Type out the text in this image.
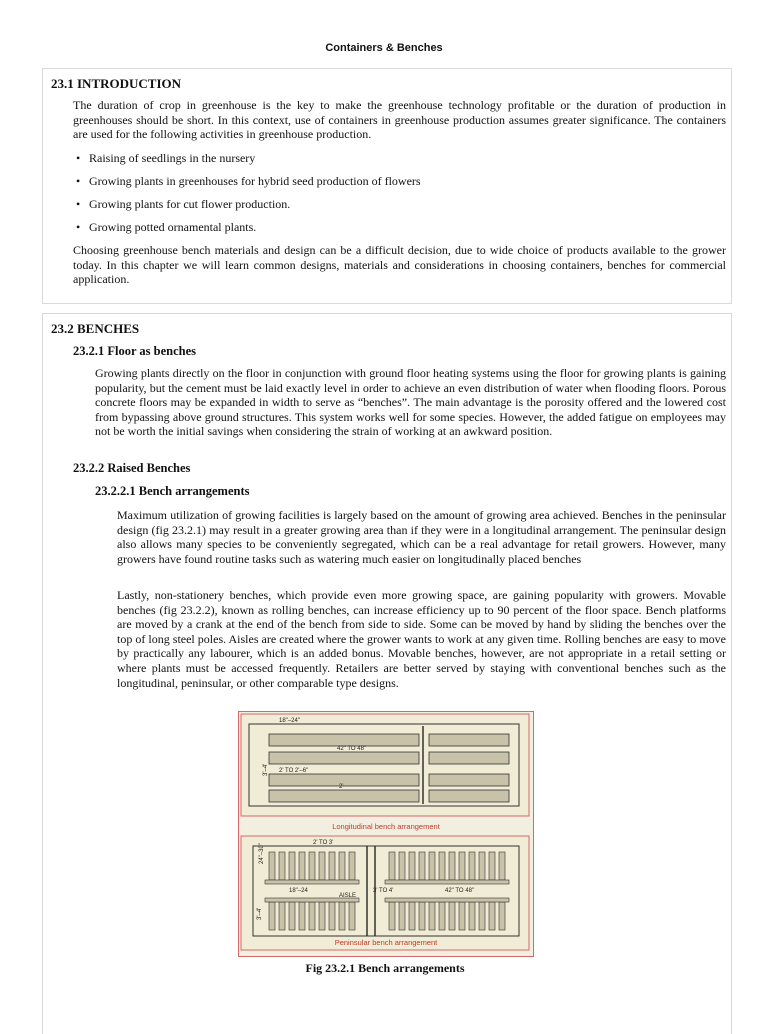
Containers & Benches
23.1 INTRODUCTION

The duration of crop in greenhouse is the key to make the greenhouse technology profitable or the duration of production in greenhouses should be short. In this context, use of containers in greenhouse production assumes greater significance. The containers are used for the following activities in greenhouse production.

• Raising of seedlings in the nursery
• Growing plants in greenhouses for hybrid seed production of flowers
• Growing plants for cut flower production.
• Growing potted ornamental plants.

Choosing greenhouse bench materials and design can be a difficult decision, due to wide choice of products available to the grower today. In this chapter we will learn common designs, materials and considerations in choosing containers, benches for commercial application.

23.2 BENCHES
23.2.1 Floor as benches

Growing plants directly on the floor in conjunction with ground floor heating systems using the floor for growing plants is gaining popularity, but the cement must be laid exactly level in order to achieve an even distribution of water when flooding floors. Porous concrete floors may be expanded in width to serve as “benches”. The main advantage is the porosity offered and the lowered cost from bypassing above ground structures. This system works well for some species. However, the added fatigue on employees may not be worth the initial savings when considering the strain of working at an awkward position.

23.2.2 Raised Benches
23.2.2.1 Bench arrangements

Maximum utilization of growing facilities is largely based on the amount of growing area achieved. Benches in the peninsular design (fig 23.2.1) may result in a greater growing area than if they were in a longitudinal arrangement. The peninsular design also allows many species to be conveniently segregated, which can be a real advantage for retail growers. However, many growers have found routine tasks such as watering much easier on longitudinally placed benches

Lastly, non-stationery benches, which provide even more growing space, are gaining popularity with growers. Movable benches (fig 23.2.2), known as rolling benches, can increase efficiency up to 90 percent of the floor space. Bench platforms are moved by a crank at the end of the bench from side to side. Some can be moved by hand by sliding the benches over the top of long steel poles. Aisles are created where the grower wants to work at any given time. Rolling benches are easy to move by practically any labourer, which is an added bonus. Movable benches, however, are not appropriate in a retail setting or where plants must be accessed frequently. Retailers are better served by staying with conventional benches such as the longitudinal, peninsular, or other comparable type designs.

18"–24"
42" TO 48"
2' TO 2'–6"
2'
3'–4'
Longitudinal bench arrangement
2' TO 3'
18"–24
AISLE
3' TO 4'	42" TO 48"
24"–30"
3'–4'
Peninsular bench arrangement
Fig 23.2.1 Bench arrangements
